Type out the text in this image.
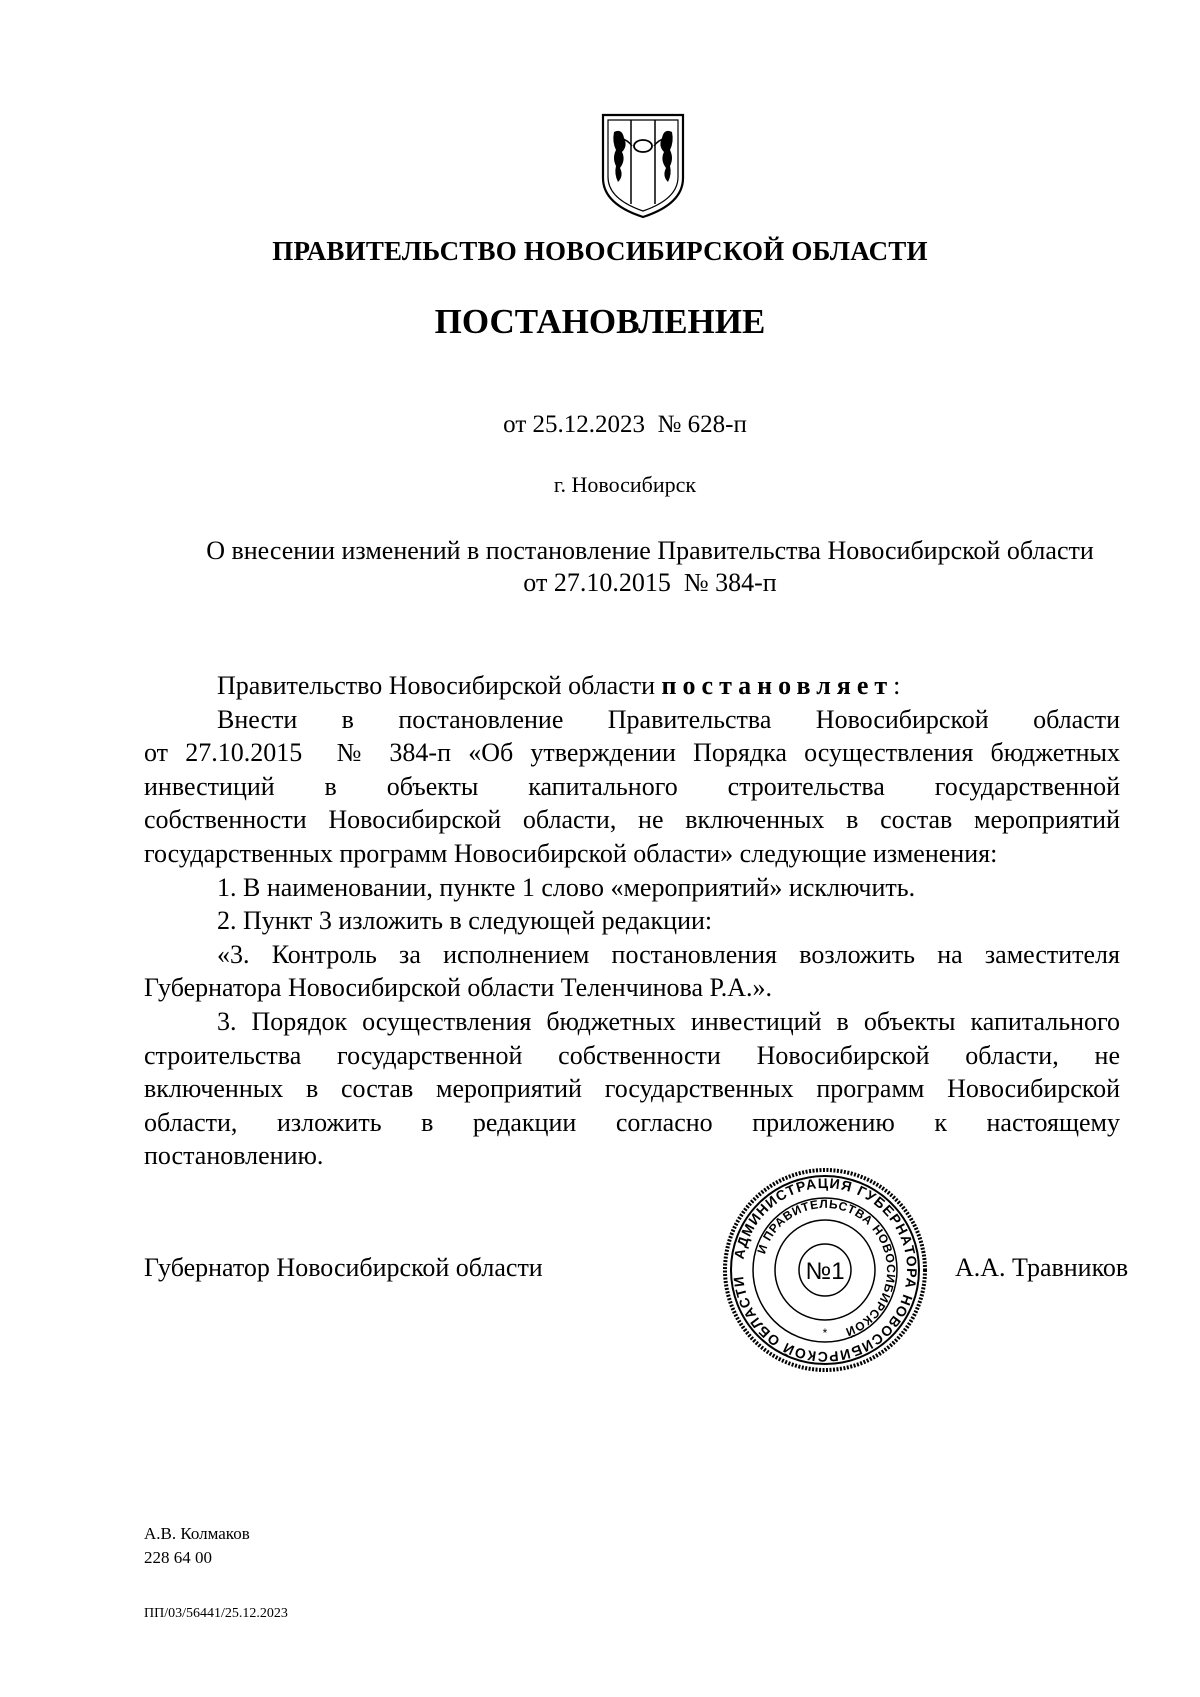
ПРАВИТЕЛЬСТВО НОВОСИБИРСКОЙ ОБЛАСТИ
ПОСТАНОВЛЕНИЕ
от 25.12.2023  № 628-п
г. Новосибирск
О внесении изменений в постановление Правительства Новосибирской области
от 27.10.2015  № 384-п

Правительство Новосибирской области постановляет:

Внести в постановление Правительства Новосибирской области

от 27.10.2015  № 384-п «Об утверждении Порядка осуществления бюджетных

инвестиций в объекты капитального строительства государственной

собственности Новосибирской области, не включенных в состав мероприятий

государственных программ Новосибирской области» следующие изменения:

1. В наименовании, пункте 1 слово «мероприятий» исключить.

2. Пункт 3 изложить в следующей редакции:

«3. Контроль за исполнением постановления возложить на заместителя

Губернатора Новосибирской области Теленчинова Р.А.».

3. Порядок осуществления бюджетных инвестиций в объекты капитального

строительства государственной собственности Новосибирской области, не

включенных в состав мероприятий государственных программ Новосибирской

области, изложить в редакции согласно приложению к настоящему

постановлению.

Губернатор Новосибирской области
АДМИНИСТРАЦИЯ ГУБЕРНАТОРА НОВОСИБИРСКОЙ ОБЛАСТИ
И ПРАВИТЕЛЬСТВА НОВОСИБИРСКОЙ
№1
*
А.А. Травников
А.В. Колмаков
228 64 00
ПП/03/56441/25.12.2023
